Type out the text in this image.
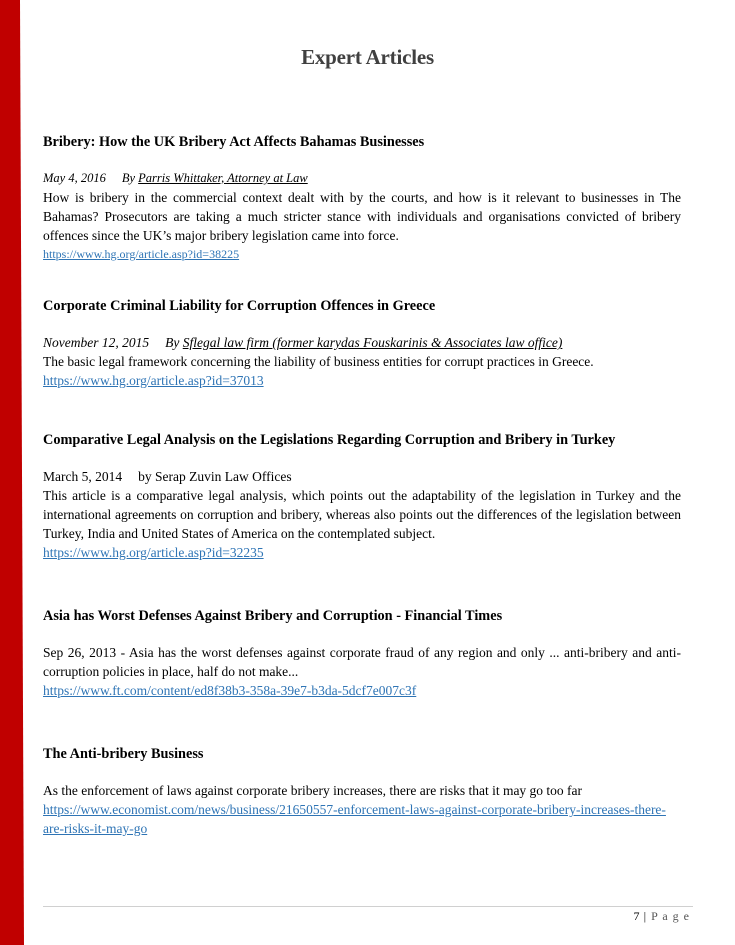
Expert Articles
Bribery: How the UK Bribery Act Affects Bahamas Businesses
May 4, 2016 By Parris Whittaker, Attorney at Law
How is bribery in the commercial context dealt with by the courts, and how is it relevant to businesses in The Bahamas? Prosecutors are taking a much stricter stance with individuals and organisations convicted of bribery offences since the UK’s major bribery legislation came into force.
https://www.hg.org/article.asp?id=38225
Corporate Criminal Liability for Corruption Offences in Greece
November 12, 2015 By Sflegal law firm (former karydas Fouskarinis & Associates law office)
The basic legal framework concerning the liability of business entities for corrupt practices in Greece.
https://www.hg.org/article.asp?id=37013
Comparative Legal Analysis on the Legislations Regarding Corruption and Bribery in Turkey
March 5, 2014 by Serap Zuvin Law Offices
This article is a comparative legal analysis, which points out the adaptability of the legislation in Turkey and the international agreements on corruption and bribery, whereas also points out the differences of the legislation between Turkey, India and United States of America on the contemplated subject.
https://www.hg.org/article.asp?id=32235
Asia has Worst Defenses Against Bribery and Corruption - Financial Times
Sep 26, 2013 - Asia has the worst defenses against corporate fraud of any region and only ... anti-bribery and anti-corruption policies in place, half do not make...
https://www.ft.com/content/ed8f38b3-358a-39e7-b3da-5dcf7e007c3f
The Anti-bribery Business
As the enforcement of laws against corporate bribery increases, there are risks that it may go too far
https://www.economist.com/news/business/21650557-enforcement-laws-against-corporate-bribery-increases-there-are-risks-it-may-go
7 | P a g e
